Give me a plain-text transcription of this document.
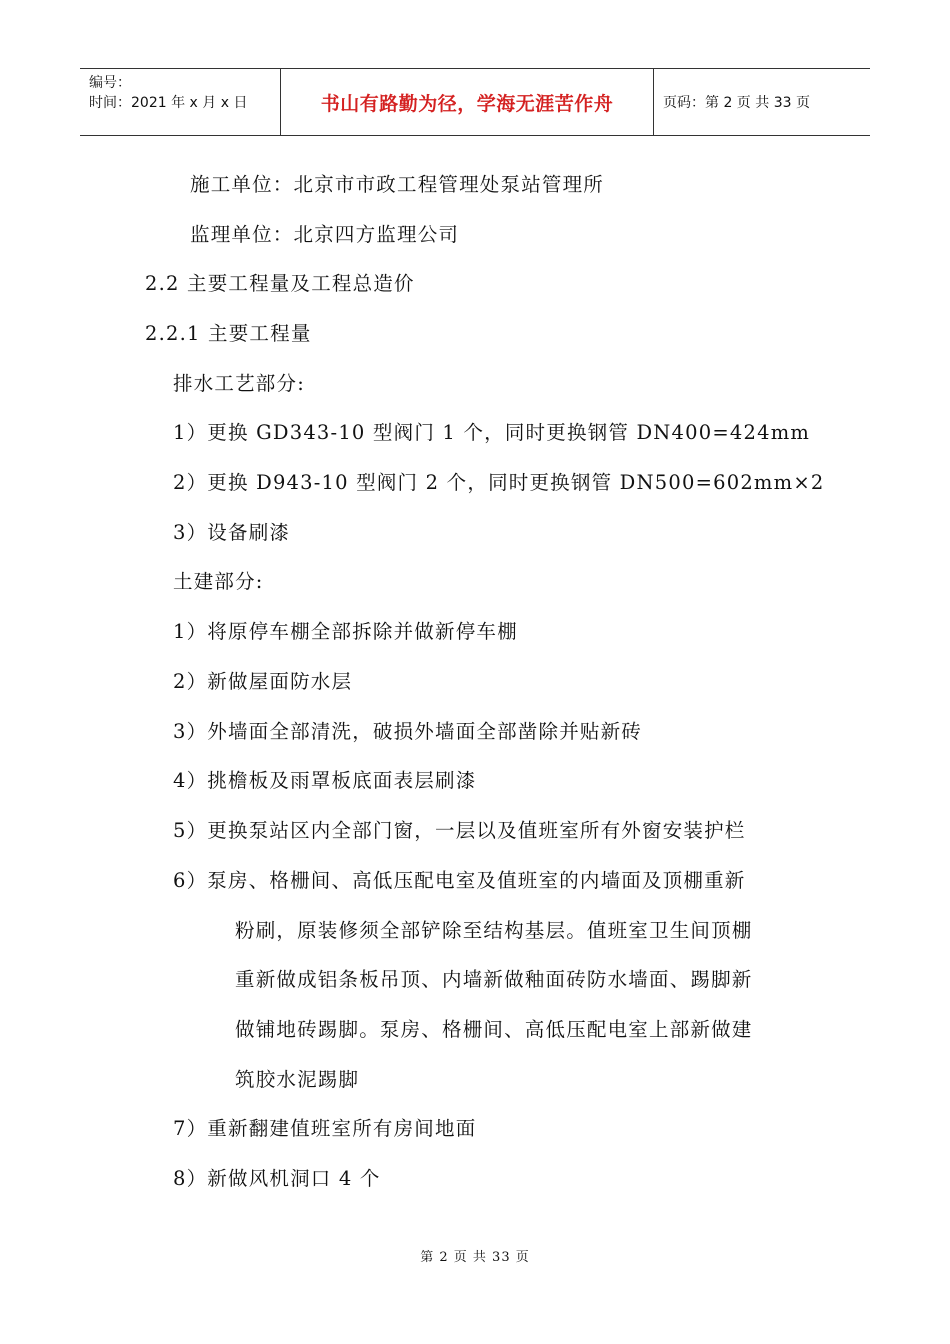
编号：
时间：2021 年 x 月 x 日	书山有路勤为径，学海无涯苦作舟	页码：第 2 页 共 33 页
施工单位：北京市市政工程管理处泵站管理所
监理单位：北京四方监理公司
2.2 主要工程量及工程总造价
2.2.1 主要工程量
排水工艺部分:
1）更换 GD343-10 型阀门 1 个，同时更换钢管 DN400=424mm
2）更换 D943-10 型阀门 2 个，同时更换钢管 DN500=602mm×2
3）设备刷漆
土建部分:
1）将原停车棚全部拆除并做新停车棚
2）新做屋面防水层
3）外墙面全部清洗，破损外墙面全部凿除并贴新砖
4）挑檐板及雨罩板底面表层刷漆
5）更换泵站区内全部门窗，一层以及值班室所有外窗安装护栏
6）泵房、格栅间、高低压配电室及值班室的内墙面及顶棚重新
粉刷，原装修须全部铲除至结构基层。值班室卫生间顶棚
重新做成铝条板吊顶、内墙新做釉面砖防水墙面、踢脚新
做铺地砖踢脚。泵房、格栅间、高低压配电室上部新做建
筑胶水泥踢脚
7）重新翻建值班室所有房间地面
8）新做风机洞口 4 个
第 2 页 共 33 页
